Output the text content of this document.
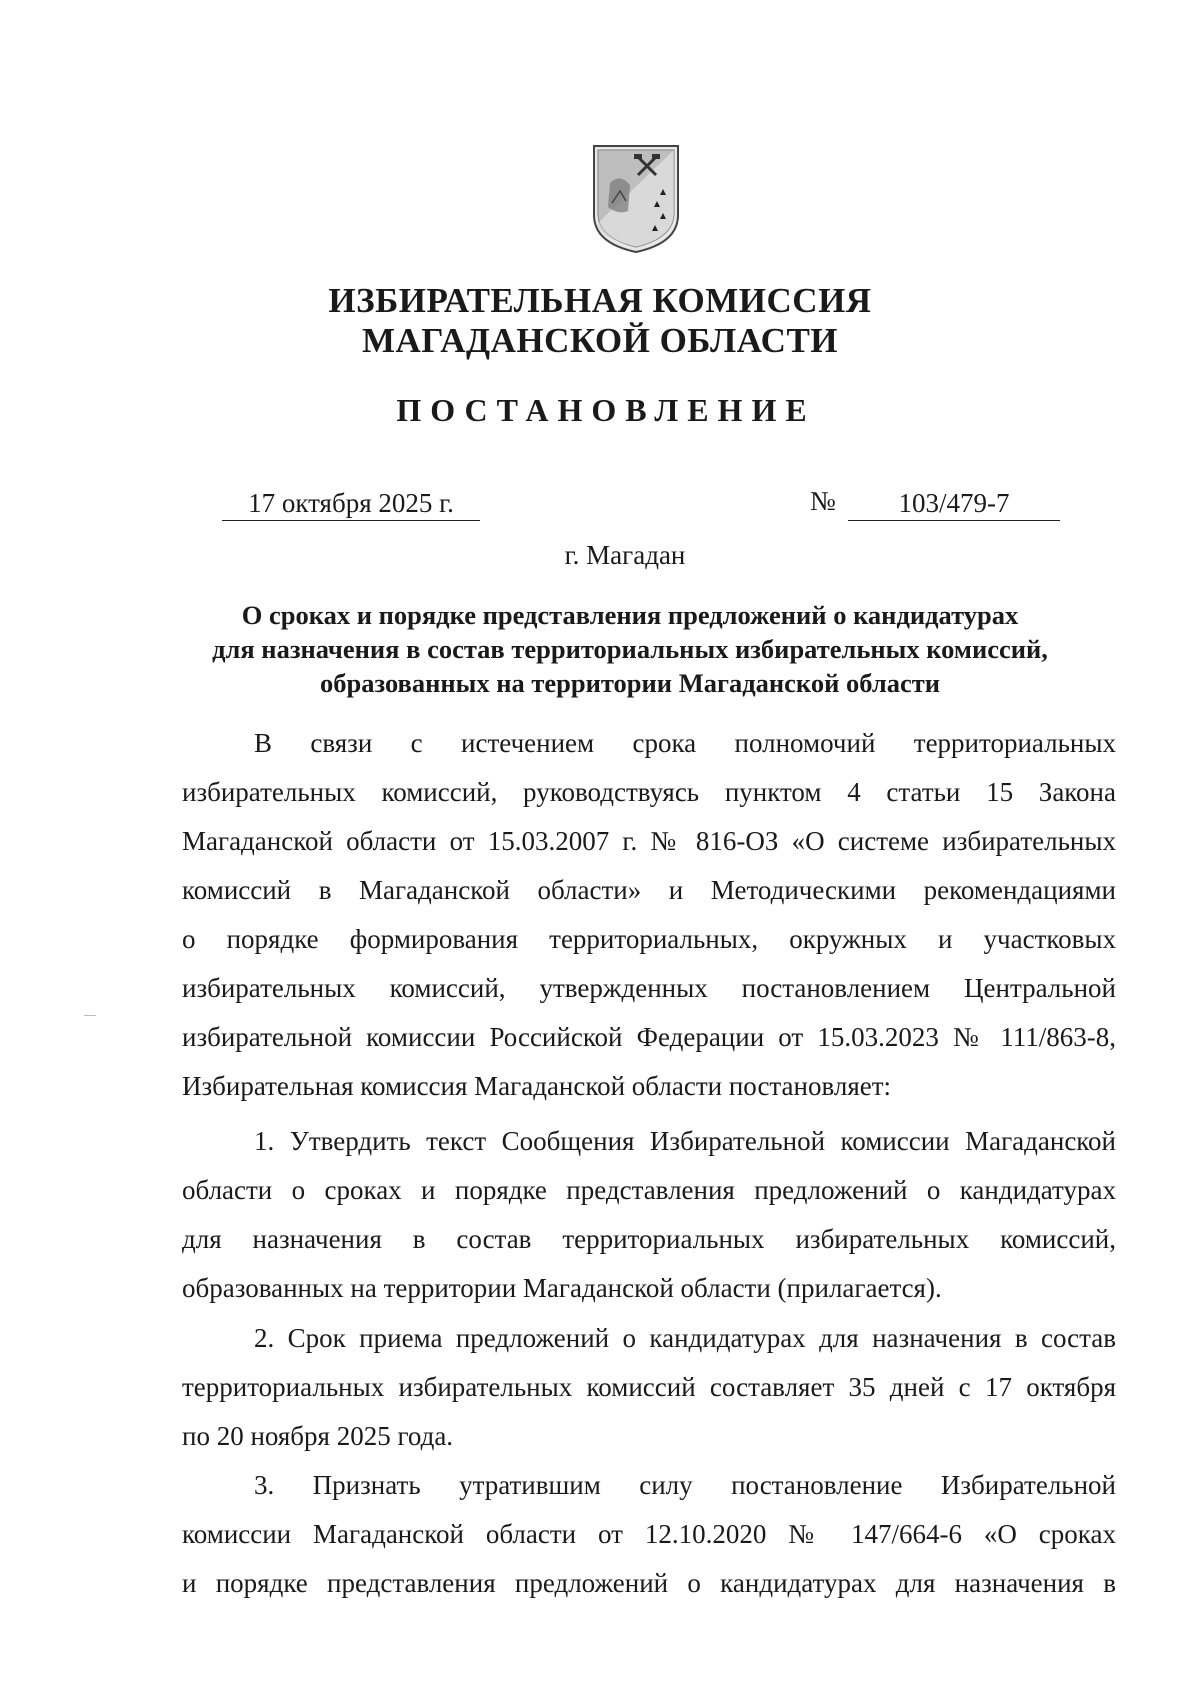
ИЗБИРАТЕЛЬНАЯ КОМИССИЯ
МАГАДАНСКОЙ ОБЛАСТИ
ПОСТАНОВЛЕНИЕ
17 октября 2025 г.	№	103/479-7
г. Магадан
О сроках и порядке представления предложений о кандидатурах
для назначения в состав территориальных избирательных комиссий,
образованных на территории Магаданской области
В связи с истечением срока полномочий территориальных
избирательных комиссий, руководствуясь пунктом 4 статьи 15 Закона
Магаданской области от 15.03.2007 г. № 816-ОЗ «О системе избирательных
комиссий в Магаданской области» и Методическими рекомендациями
о порядке формирования территориальных, окружных и участковых
избирательных комиссий, утвержденных постановлением Центральной
избирательной комиссии Российской Федерации от 15.03.2023 № 111/863-8,
Избирательная комиссия Магаданской области постановляет:
1. Утвердить текст Сообщения Избирательной комиссии Магаданской
области о сроках и порядке представления предложений о кандидатурах
для назначения в состав территориальных избирательных комиссий,
образованных на территории Магаданской области (прилагается).
2. Срок приема предложений о кандидатурах для назначения в состав
территориальных избирательных комиссий составляет 35 дней с 17 октября
по 20 ноября 2025 года.
3. Признать утратившим силу постановление Избирательной
комиссии Магаданской области от 12.10.2020 № 147/664-6 «О сроках
и порядке представления предложений о кандидатурах для назначения в
